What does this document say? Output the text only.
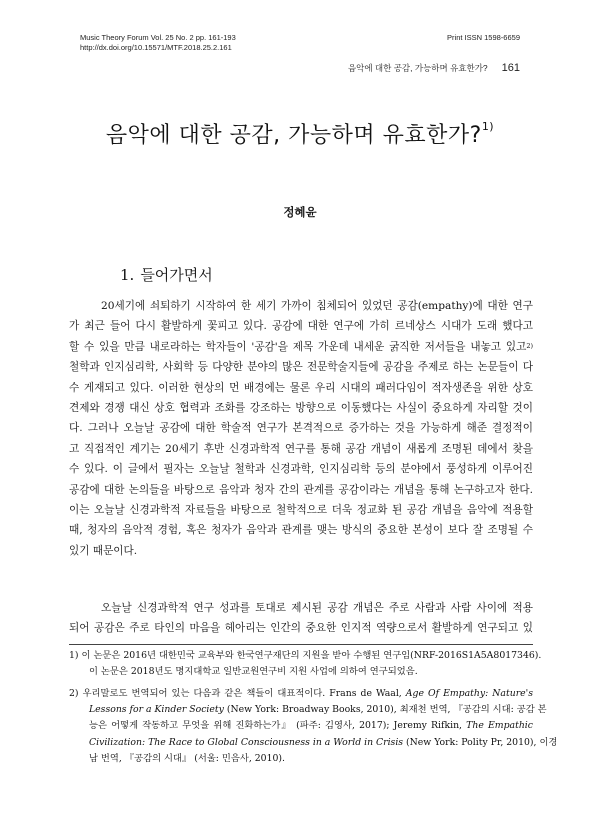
Music Theory Forum Vol. 25 No. 2 pp. 161-193
http://dx.doi.org/10.15571/MTF.2018.25.2.161
Print ISSN 1598-6659
음악에 대한 공감, 가능하며 유효한가? 161
음악에 대한 공감, 가능하며 유효한가?$^{1)}$
정혜윤
1. 들어가면서
20세기에 쇠퇴하기 시작하여 한 세기 가까이 침체되어 있었던 공감(empathy)에 대한 연구
가 최근 들어 다시 활발하게 꽃피고 있다. 공감에 대한 연구에 가히 르네상스 시대가 도래 했다고
할 수 있을 만큼 내로라하는 학자들이 '공감'을 제목 가운데 내세운 굵직한 저서들을 내놓고 있고$^{2)}$
철학과 인지심리학, 사회학 등 다양한 분야의 많은 전문학술지들에 공감을 주제로 하는 논문들이 다
수 게재되고 있다. 이러한 현상의 먼 배경에는 물론 우리 시대의 패러다임이 적자생존을 위한 상호
견제와 경쟁 대신 상호 협력과 조화를 강조하는 방향으로 이동했다는 사실이 중요하게 자리할 것이
다. 그러나 오늘날 공감에 대한 학술적 연구가 본격적으로 증가하는 것을 가능하게 해준 결정적이
고 직접적인 계기는 20세기 후반 신경과학적 연구를 통해 공감 개념이 새롭게 조명된 데에서 찾을
수 있다. 이 글에서 필자는 오늘날 철학과 신경과학, 인지심리학 등의 분야에서 풍성하게 이루어진
공감에 대한 논의들을 바탕으로 음악과 청자 간의 관계를 공감이라는 개념을 통해 논구하고자 한다.
이는 오늘날 신경과학적 자료들을 바탕으로 철학적으로 더욱 정교화 된 공감 개념을 음악에 적용할
때, 청자의 음악적 경험, 혹은 청자가 음악과 관계를 맺는 방식의 중요한 본성이 보다 잘 조명될 수
있기 때문이다.
오늘날 신경과학적 연구 성과를 토대로 제시된 공감 개념은 주로 사람과 사람 사이에 적용
되어 공감은 주로 타인의 마음을 헤아리는 인간의 중요한 인지적 역량으로서 활발하게 연구되고 있
1) 이 논문은 2016년 대한민국 교육부와 한국연구재단의 지원을 받아 수행된 연구임(NRF-2016S1A5A8017346).
이 논문은 2018년도 명지대학교 일반교원연구비 지원 사업에 의하여 연구되었음.
2) 우리말로도 번역되어 있는 다음과 같은 책들이 대표적이다. Frans de Waal, Age Of Empathy: Nature's
Lessons for a Kinder Society (New York: Broadway Books, 2010), 최재천 번역, 『공감의 시대: 공감 본
능은 어떻게 작동하고 무엇을 위해 진화하는가』 (파주: 김영사, 2017); Jeremy Rifkin, The Empathic
Civilization: The Race to Global Consciousness in a World in Crisis (New York: Polity Pr, 2010), 이경
남 번역, 『공감의 시대』 (서울: 민음사, 2010).
